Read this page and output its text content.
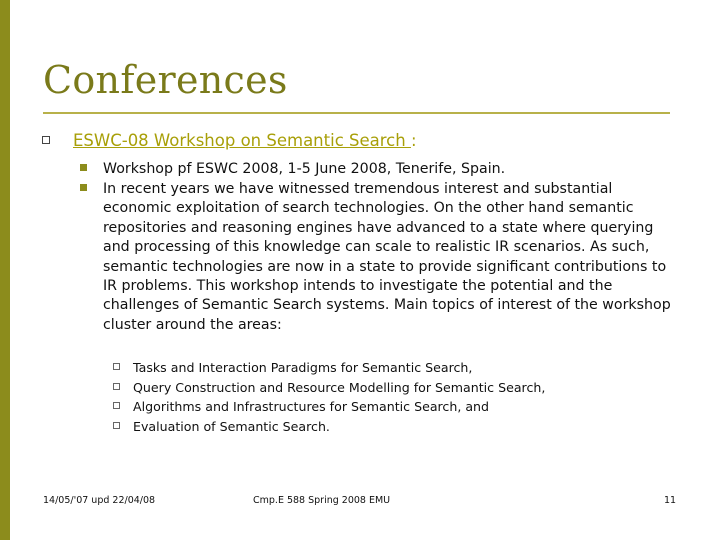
Conferences
ESWC-08 Workshop on Semantic Search :
Workshop pf ESWC 2008, 1-5 June 2008, Tenerife, Spain.
In recent years we have witnessed tremendous interest and substantial economic exploitation of search technologies. On the other hand semantic repositories and reasoning engines have advanced to a state where querying and processing of this knowledge can scale to realistic IR scenarios. As such, semantic technologies are now in a state to provide significant contributions to IR problems. This workshop intends to investigate the potential and the challenges of Semantic Search systems. Main topics of interest of the workshop cluster around the areas:
Tasks and Interaction Paradigms for Semantic Search,
Query Construction and Resource Modelling for Semantic Search,
Algorithms and Infrastructures for Semantic Search, and
Evaluation of Semantic Search.
14/05/'07 upd 22/04/08	Cmp.E 588 Spring 2008 EMU	11
